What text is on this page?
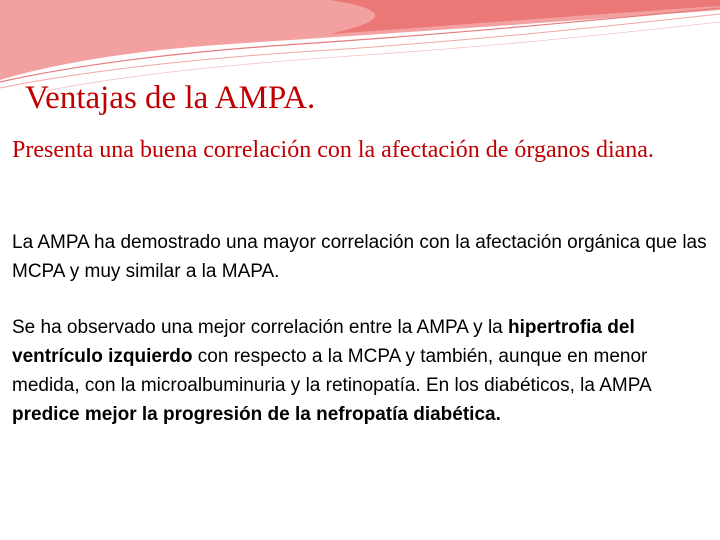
Ventajas de la AMPA.

Presenta una buena correlación con la afectación de órganos diana.

La AMPA ha demostrado una mayor correlación con la afectación orgánica que las MCPA y muy similar a la MAPA.

Se ha observado una mejor correlación entre la AMPA y la hipertrofia del ventrículo izquierdo con respecto a la MCPA y también, aunque en menor medida, con la microalbuminuria y la retinopatía. En los diabéticos, la AMPA predice mejor la progresión de la nefropatía diabética.
